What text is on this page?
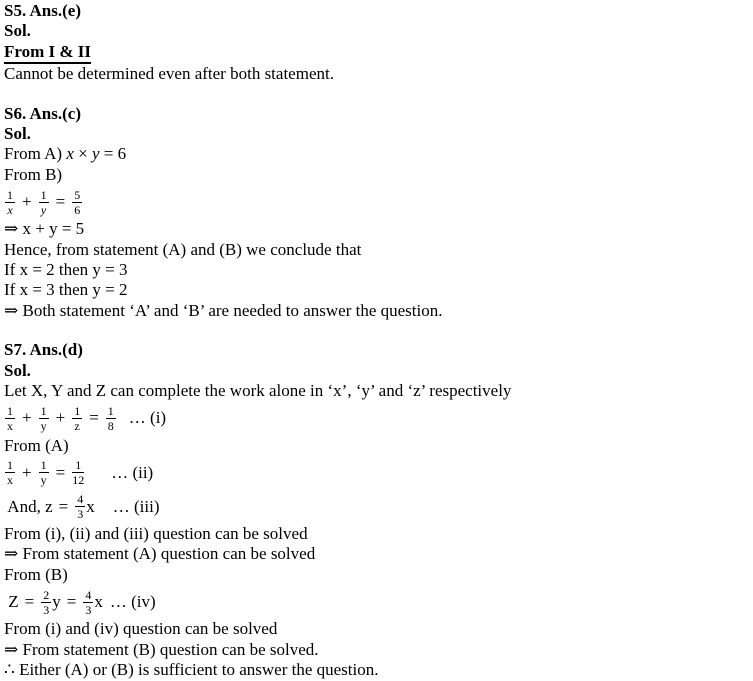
S5. Ans.(e)
Sol.
From I & II
Cannot be determined even after both statement.
S6. Ans.(c)
Sol.
From A) x × y = 6
From B)
$\frac{1}{x} + \frac{1}{y} = \frac{5}{6}$
⇒ x + y = 5
Hence, from statement (A) and (B) we conclude that
If x = 2 then y = 3
If x = 3 then y = 2
⇒ Both statement ‘A’ and ‘B’ are needed to answer the question.
S7. Ans.(d)
Sol.
Let X, Y and Z can complete the work alone in ‘x’, ‘y’ and ‘z’ respectively
$\frac{1}{x} + \frac{1}{y} + \frac{1}{z} = \frac{1}{8}$ … (i)
From (A)
$\frac{1}{x} + \frac{1}{y} = \frac{1}{12}$ … (ii)
And, $z = \frac{4}{3}$ x … (iii)
From (i), (ii) and (iii) question can be solved
⇒ From statement (A) question can be solved
From (B)
$Z = \frac{2}{3}$ $y = \frac{4}{3}$ x … (iv)
From (i) and (iv) question can be solved
⇒ From statement (B) question can be solved.
∴ Either (A) or (B) is sufficient to answer the question.
